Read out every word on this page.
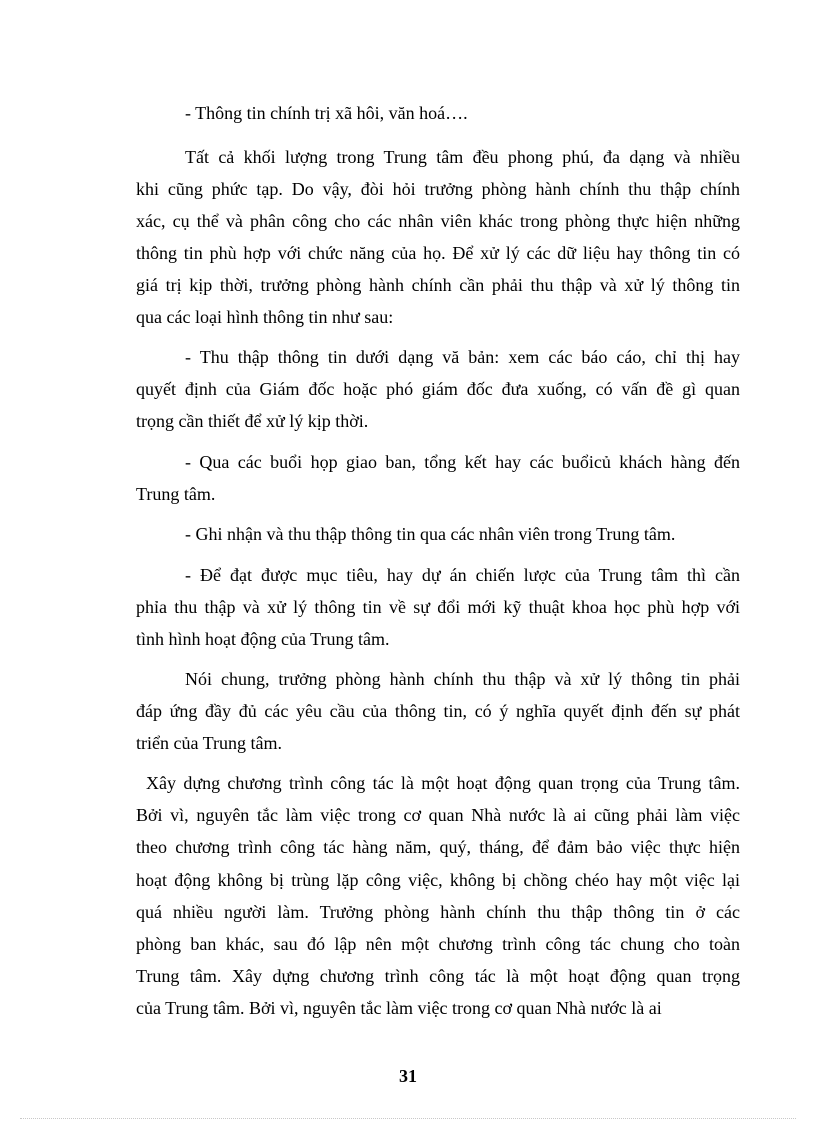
- Thông tin chính trị xã hôi, văn hoá….
Tất cả khối lượng trong Trung tâm đều phong phú, đa dạng và nhiều
khi cũng phức tạp. Do vậy, đòi hỏi trưởng phòng hành chính thu thập chính
xác, cụ thể và phân công cho các nhân viên khác trong phòng thực hiện những
thông tin phù hợp với chức năng của họ. Để xử lý các dữ liệu hay thông tin có
giá trị kịp thời, trưởng phòng hành chính cần phải thu thập và xử lý thông tin
qua các loại hình thông tin như sau:
- Thu thập thông tin dưới dạng vă bản: xem các báo cáo, chỉ thị hay
quyết định của Giám đốc hoặc phó giám đốc đưa xuống, có vấn đề gì quan
trọng cần thiết để xử lý kịp thời.
- Qua các buổi họp giao ban, tổng kết hay các buổicủ khách hàng đến
Trung tâm.
- Ghi nhận và thu thập thông tin qua các nhân viên trong Trung tâm.
- Để đạt được mục tiêu, hay dự án chiến lược của Trung tâm thì cần
phỉa thu thập và xử lý thông tin về sự đổi mới kỹ thuật khoa học phù hợp với
tình hình hoạt động của Trung tâm.
Nói chung, trưởng phòng hành chính thu thập và xử lý thông tin phải
đáp ứng đầy đủ các yêu cầu của thông tin, có ý nghĩa quyết định đến sự phát
triển của Trung tâm.
Xây dựng chương trình công tác là một hoạt động quan trọng của Trung tâm.
Bởi vì, nguyên tắc làm việc trong cơ quan Nhà nước là ai cũng phải làm việc
theo chương trình công tác hàng năm, quý, tháng, để đảm bảo việc thực hiện
hoạt động không bị trùng lặp công việc, không bị chồng chéo hay một việc lại
quá nhiều người làm. Trưởng phòng hành chính thu thập thông tin ở các
phòng ban khác, sau đó lập nên một chương trình công tác chung cho toàn
Trung tâm. Xây dựng chương trình công tác là một hoạt động quan trọng
của Trung tâm. Bởi vì, nguyên tắc làm việc trong cơ quan Nhà nước là ai
31
